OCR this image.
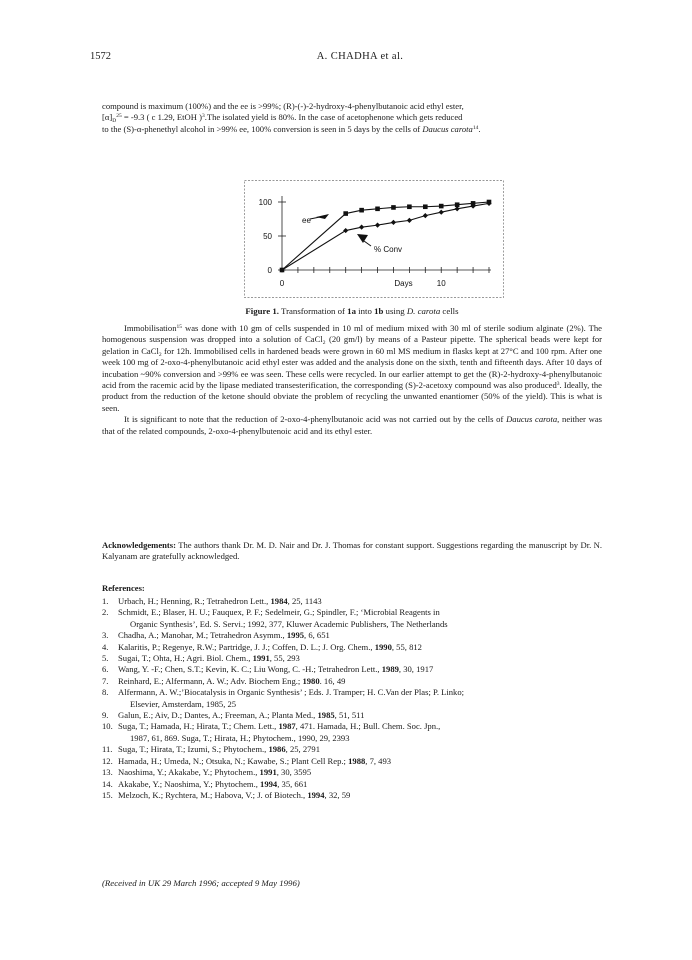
1572	A. CHADHA et al.

compound is maximum (100%) and the ee is >99%; (R)-(-)-2-hydroxy-4-phenylbutanoic acid ethyl ester,
$[\alpha]_D^{25} = -9.3$ ( c 1.29, EtOH )$^3$.The isolated yield is 80%. In the case of acetophenone which gets reduced
to the (S)-α-phenethyl alcohol in >99% ee, 100% conversion is seen in 5 days by the cells of Daucus carota$^{14}$.

100
50
0
0	10
Days
ee
% Conv
Figure 1. Transformation of 1a into 1b using D. carota cells

Immobilisation$^{15}$ was done with 10 gm of cells suspended in 10 ml of medium mixed with 30 ml of sterile sodium alginate (2%). The homogenous suspension was dropped into a solution of CaCl$_2$ (20 gm/l) by means of a Pasteur pipette. The spherical beads were kept for gelation in CaCl$_2$ for 12h. Immobilised cells in hardened beads were grown in 60 ml MS medium in flasks kept at 27°C and 100 rpm. After one week 100 mg of 2-oxo-4-phenylbutanoic acid ethyl ester was added and the analysis done on the sixth, tenth and fifteenth days. After 10 days of incubation ~90% conversion and >99% ee was seen. These cells were recycled. In our earlier attempt to get the (R)-2-hydroxy-4-phenylbutanoic acid from the racemic acid by the lipase mediated transesterification, the corresponding (S)-2-acetoxy compound was also produced$^3$. Ideally, the product from the reduction of the ketone should obviate the problem of recycling the unwanted enantiomer (50% of the yield). This is what is seen.

It is significant to note that the reduction of 2-oxo-4-phenylbutanoic acid was not carried out by the cells of Daucus carota, neither was that of the related compounds, 2-oxo-4-phenylbutenoic acid and its ethyl ester.

Acknowledgements: The authors thank Dr. M. D. Nair and Dr. J. Thomas for constant support. Suggestions regarding the manuscript by Dr. N. Kalyanam are gratefully acknowledged.

References:
1. Urbach, H.; Henning, R.; Tetrahedron Lett., 1984, 25, 1143
2. Schmidt, E.; Blaser, H. U.; Fauquex, P. F.; Sedelmeir, G.; Spindler, F.; ‘Microbial Reagents in
Organic Synthesis’, Ed. S. Servi.; 1992, 377, Kluwer Academic Publishers, The Netherlands
3. Chadha, A.; Manohar, M.; Tetrahedron Asymm., 1995, 6, 651
4. Kalaritis, P.; Regenye, R.W.; Partridge, J. J.; Coffen, D. L.; J. Org. Chem., 1990, 55, 812
5. Sugai, T.; Ohta, H.; Agri. Biol. Chem., 1991, 55, 293
6. Wang, Y. -F.; Chen, S.T.; Kevin, K. C.; Liu Wong, C. -H.; Tetrahedron Lett., 1989, 30, 1917
7. Reinhard, E.; Alfermann, A. W.; Adv. Biochem Eng.; 1980. 16, 49
8. Alfermann, A. W.;’Biocatalysis in Organic Synthesis’ ; Eds. J. Tramper; H. C.Van der Plas; P. Linko;
Elsevier, Amsterdam, 1985, 25
9. Galun, E.; Aiv, D.; Dantes, A.; Freeman, A.; Planta Med., 1985, 51, 511
10. Suga, T.; Hamada, H.; Hirata, T.; Chem. Lett., 1987, 471. Hamada, H.; Bull. Chem. Soc. Jpn.,
1987, 61, 869. Suga, T.; Hirata, H.; Phytochem., 1990, 29, 2393
11. Suga, T.; Hirata, T.; Izumi, S.; Phytochem., 1986, 25, 2791
12. Hamada, H.; Umeda, N.; Otsuka, N.; Kawabe, S.; Plant Cell Rep.; 1988, 7, 493
13. Naoshima, Y.; Akakabe, Y.; Phytochem., 1991, 30, 3595
14. Akakabe, Y.; Naoshima, Y.; Phytochem., 1994, 35, 661
15. Melzoch, K.; Rychtera, M.; Habova, V.; J. of Biotech., 1994, 32, 59
(Received in UK 29 March 1996; accepted 9 May 1996)
